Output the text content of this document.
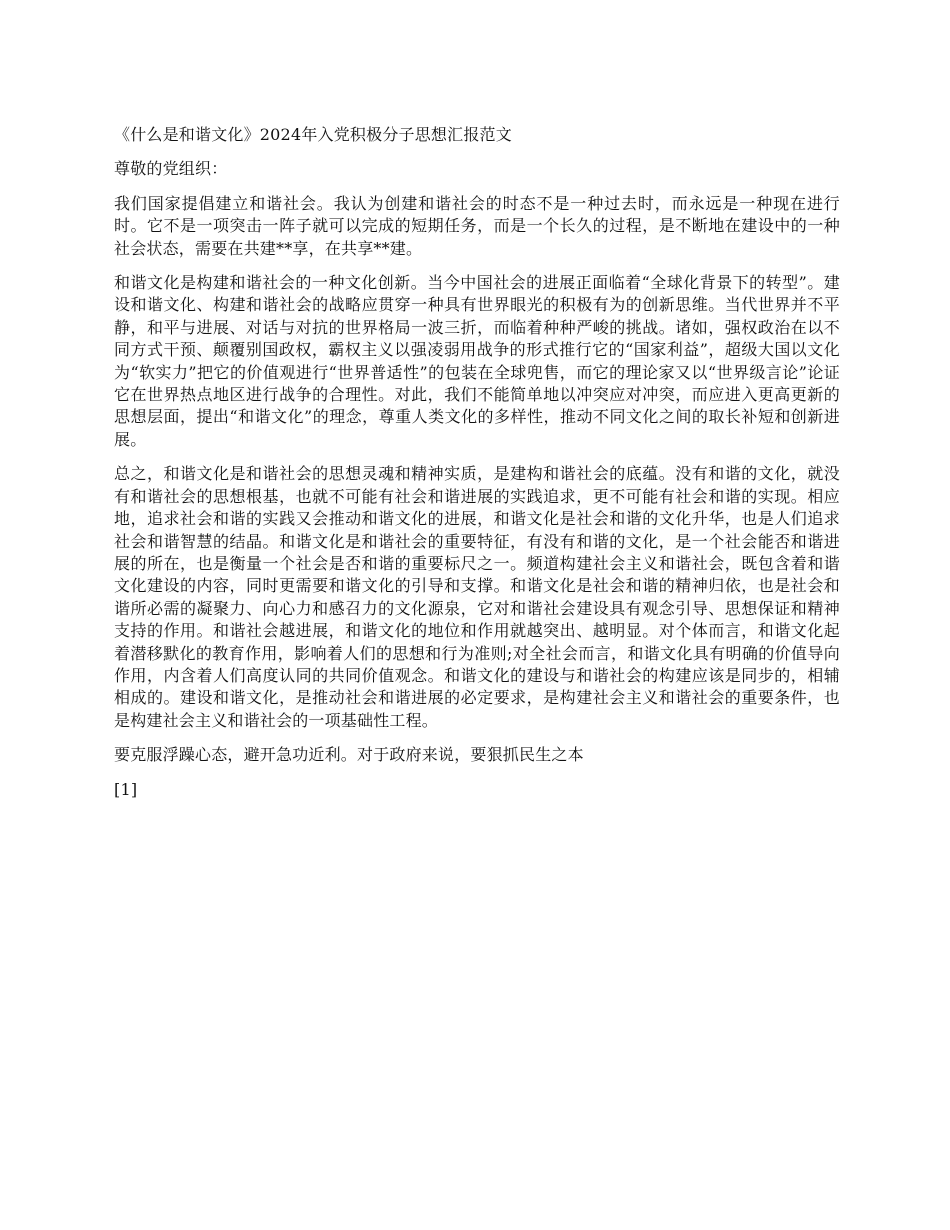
《什么是和谐文化》2024年入党积极分子思想汇报范文

尊敬的党组织：

我们国家提倡建立和谐社会。我认为创建和谐社会的时态不是一种过去时，而永远是一种现在进行时。它不是一项突击一阵子就可以完成的短期任务，而是一个长久的过程，是不断地在建设中的一种社会状态，需要在共建**享，在共享**建。

和谐文化是构建和谐社会的一种文化创新。当今中国社会的进展正面临着“全球化背景下的转型”。建设和谐文化、构建和谐社会的战略应贯穿一种具有世界眼光的积极有为的创新思维。当代世界并不平静，和平与进展、对话与对抗的世界格局一波三折，而临着种种严峻的挑战。诸如，强权政治在以不同方式干预、颠覆别国政权，霸权主义以强凌弱用战争的形式推行它的“国家利益”，超级大国以文化为“软实力”把它的价值观进行“世界普适性”的包装在全球兜售，而它的理论家又以“世界级言论”论证它在世界热点地区进行战争的合理性。对此，我们不能简单地以冲突应对冲突，而应进入更高更新的思想层面，提出“和谐文化”的理念，尊重人类文化的多样性，推动不同文化之间的取长补短和创新进展。

总之，和谐文化是和谐社会的思想灵魂和精神实质，是建构和谐社会的底蕴。没有和谐的文化，就没有和谐社会的思想根基，也就不可能有社会和谐进展的实践追求，更不可能有社会和谐的实现。相应地，追求社会和谐的实践又会推动和谐文化的进展，和谐文化是社会和谐的文化升华，也是人们追求社会和谐智慧的结晶。和谐文化是和谐社会的重要特征，有没有和谐的文化，是一个社会能否和谐进展的所在，也是衡量一个社会是否和谐的重要标尺之一。频道构建社会主义和谐社会，既包含着和谐文化建设的内容，同时更需要和谐文化的引导和支撑。和谐文化是社会和谐的精神归依，也是社会和谐所必需的凝聚力、向心力和感召力的文化源泉，它对和谐社会建设具有观念引导、思想保证和精神支持的作用。和谐社会越进展，和谐文化的地位和作用就越突出、越明显。对个体而言，和谐文化起着潜移默化的教育作用，影响着人们的思想和行为准则;对全社会而言，和谐文化具有明确的价值导向作用，内含着人们高度认同的共同价值观念。和谐文化的建设与和谐社会的构建应该是同步的，相辅相成的。建设和谐文化，是推动社会和谐进展的必定要求，是构建社会主义和谐社会的重要条件，也是构建社会主义和谐社会的一项基础性工程。

要克服浮躁心态，避开急功近利。对于政府来说，要狠抓民生之本

[1]
